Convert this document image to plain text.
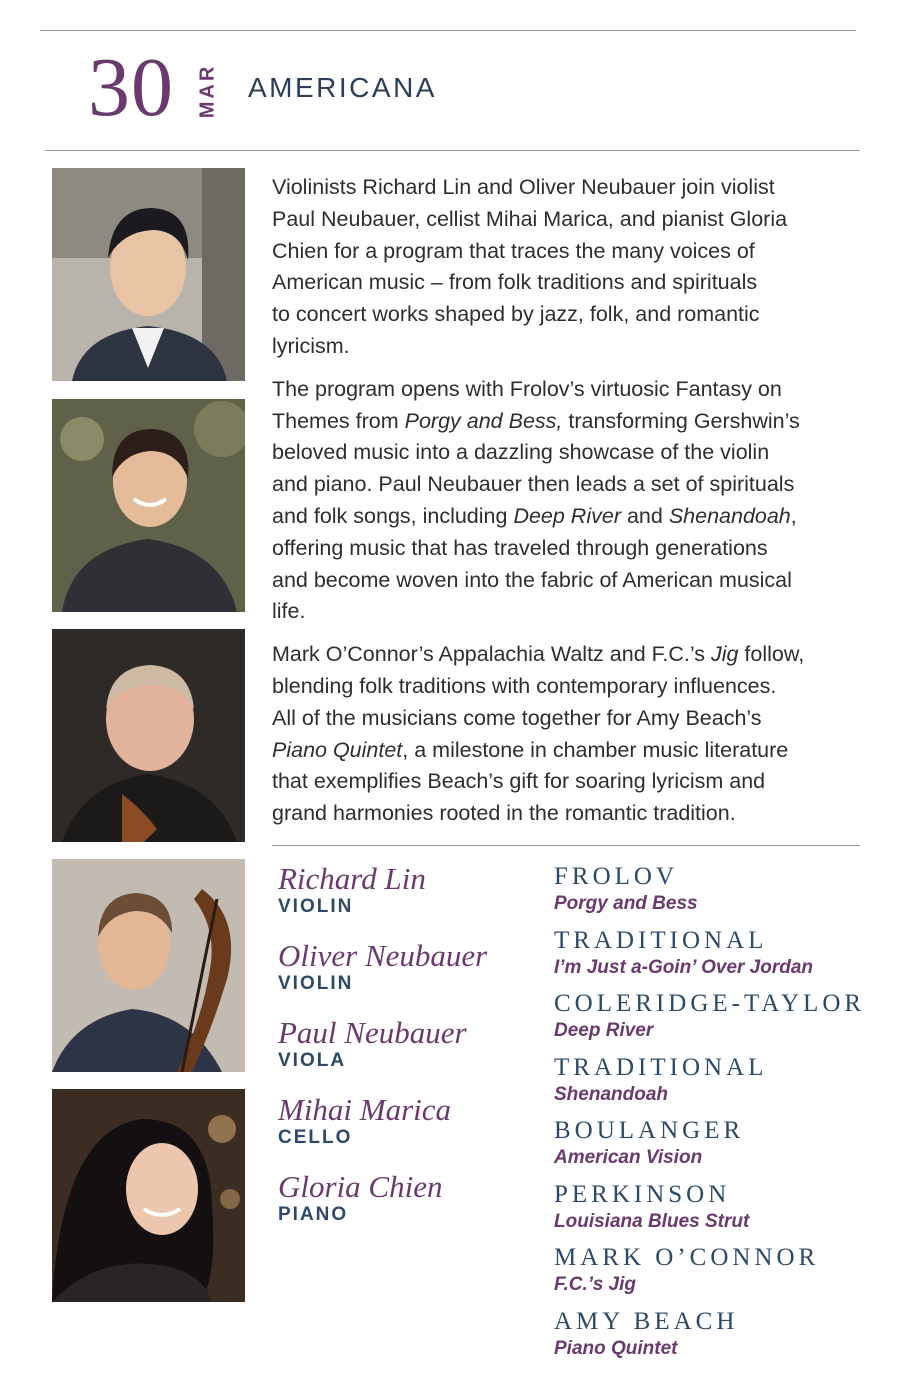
30 MAR AMERICANA

Violinists Richard Lin and Oliver Neubauer join violist
Paul Neubauer, cellist Mihai Marica, and pianist Gloria
Chien for a program that traces the many voices of
American music – from folk traditions and spirituals
to concert works shaped by jazz, folk, and romantic
lyricism.

The program opens with Frolov’s virtuosic Fantasy on
Themes from Porgy and Bess, transforming Gershwin’s
beloved music into a dazzling showcase of the violin
and piano. Paul Neubauer then leads a set of spirituals
and folk songs, including Deep River and Shenandoah,
offering music that has traveled through generations
and become woven into the fabric of American musical
life.

Mark O’Connor’s Appalachia Waltz and F.C.’s Jig follow,
blending folk traditions with contemporary influences.
All of the musicians come together for Amy Beach’s
Piano Quintet, a milestone in chamber music literature
that exemplifies Beach’s gift for soaring lyricism and
grand harmonies rooted in the romantic tradition.

Richard Lin
VIOLIN
Oliver Neubauer
VIOLIN
Paul Neubauer
VIOLA
Mihai Marica
CELLO
Gloria Chien
PIANO
FROLOV
Porgy and Bess
TRADITIONAL
I’m Just a-Goin’ Over Jordan
COLERIDGE-TAYLOR
Deep River
TRADITIONAL
Shenandoah
BOULANGER
American Vision
PERKINSON
Louisiana Blues Strut
MARK O’CONNOR
F.C.’s Jig
AMY BEACH
Piano Quintet
